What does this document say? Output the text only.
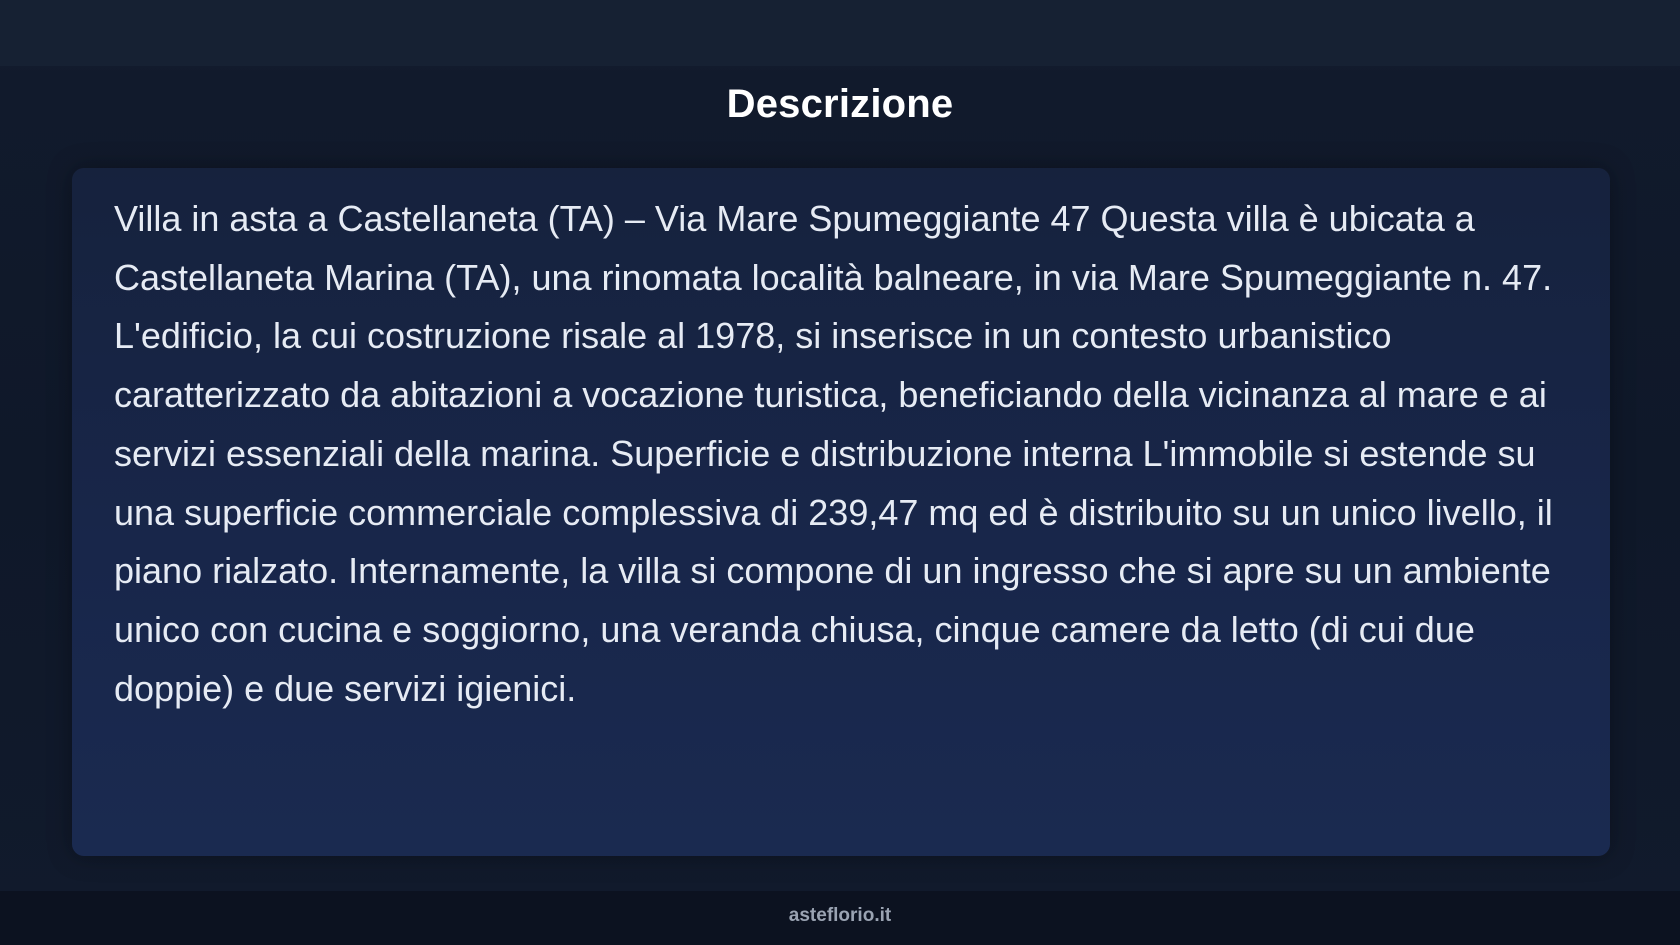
Descrizione

Villa in asta a Castellaneta (TA) – Via Mare Spumeggiante 47 Questa villa è ubicata a Castellaneta Marina (TA), una rinomata località balneare, in via Mare Spumeggiante n. 47. L'edificio, la cui costruzione risale al 1978, si inserisce in un contesto urbanistico caratterizzato da abitazioni a vocazione turistica, beneficiando della vicinanza al mare e ai servizi essenziali della marina. Superficie e distribuzione interna L'immobile si estende su una superficie commerciale complessiva di 239,47 mq ed è distribuito su un unico livello, il piano rialzato. Internamente, la villa si compone di un ingresso che si apre su un ambiente unico con cucina e soggiorno, una veranda chiusa, cinque camere da letto (di cui due doppie) e due servizi igienici.

asteflorio.it
